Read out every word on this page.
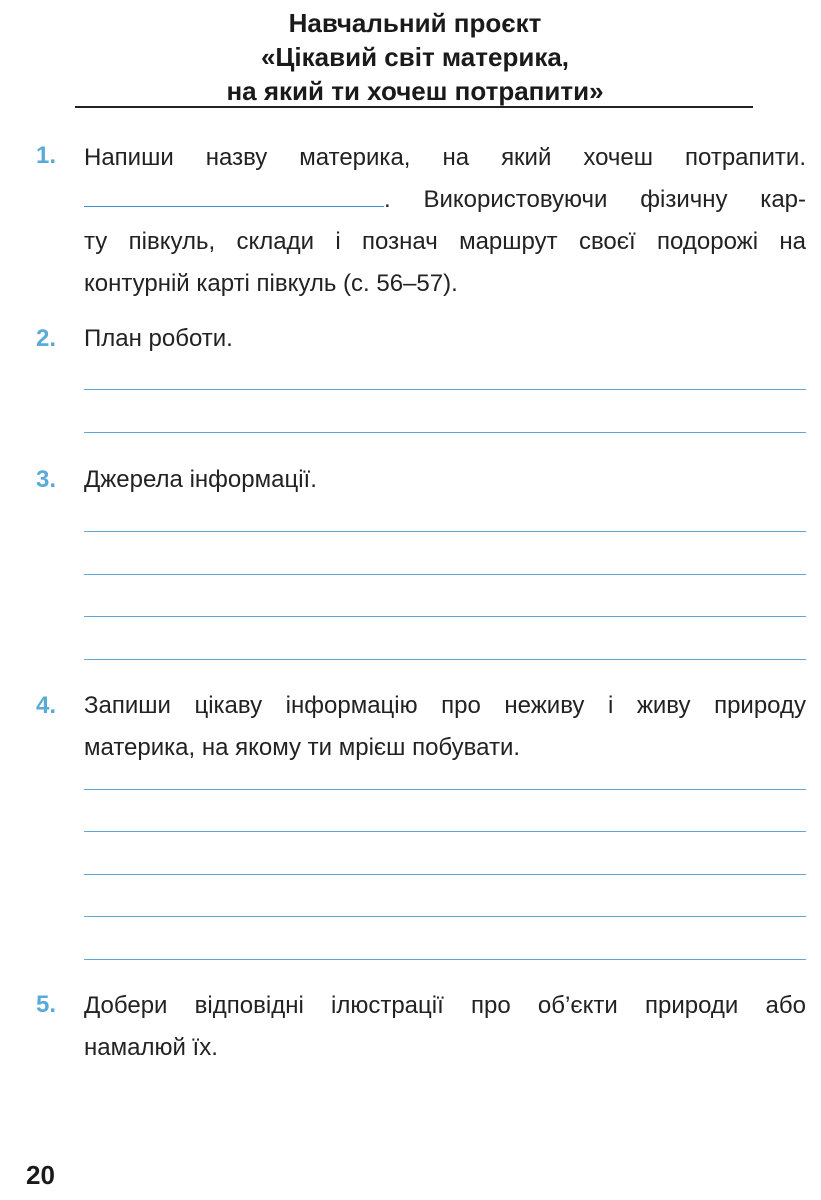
Навчальний проєкт
«Цікавий світ материка,
на який ти хочеш потрапити»
1. Напиши назву материка, на який хочеш потрапити.
. Використовуючи фізичну кар-
ту півкуль, склади і познач маршрут своєї подорожі на
контурній карті півкуль (с. 56–57).
2. План роботи.
3. Джерела інформації.
4. Запиши цікаву інформацію про неживу і живу природу
материка, на якому ти мрієш побувати.
5. Добери відповідні ілюстрації про об’єкти природи або
намалюй їх.
20
